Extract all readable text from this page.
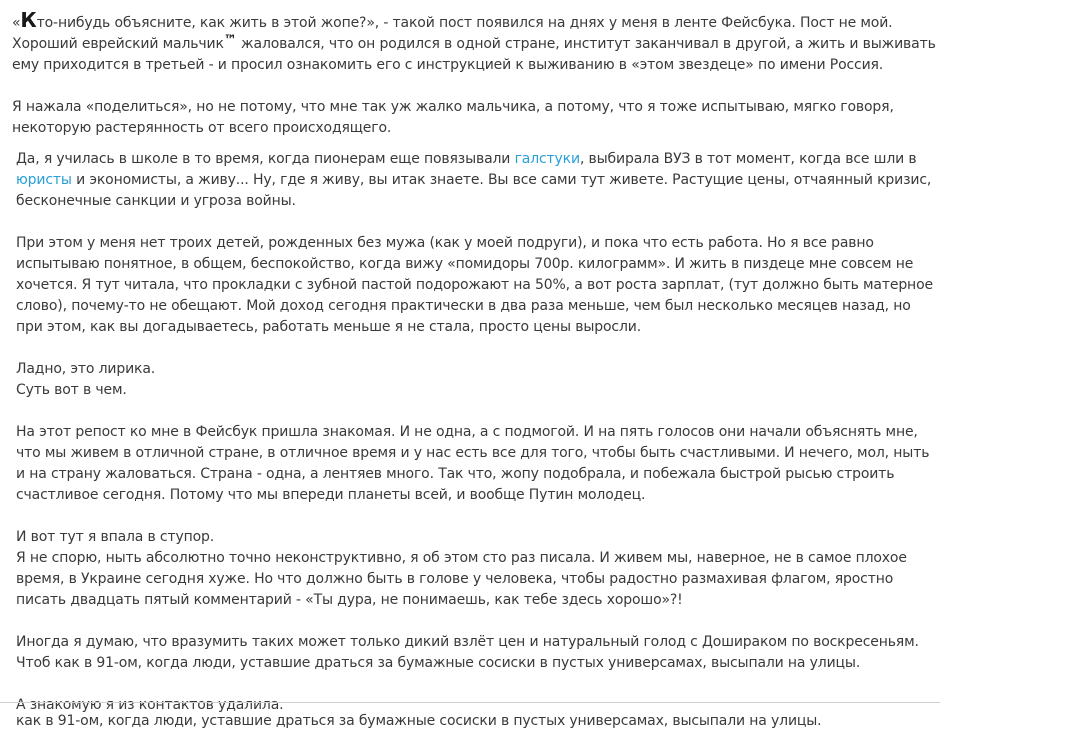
«Кто-нибудь объясните, как жить в этой жопе?», - такой пост появился на днях у меня в ленте Фейсбука. Пост не мой. Хороший еврейский мальчик™ жаловался, что он родился в одной стране, институт заканчивал в другой, а жить и выживать ему приходится в третьей - и просил ознакомить его с инструкцией к выживанию в «этом звездеце» по имени Россия.

Я нажала «поделиться», но не потому, что мне так уж жалко мальчика, а потому, что я тоже испытываю, мягко говоря, некоторую растерянность от всего происходящего.

Да, я училась в школе в то время, когда пионерам еще повязывали галстуки, выбирала ВУЗ в тот момент, когда все шли в юристы и экономисты, а живу... Ну, где я живу, вы итак знаете. Вы все сами тут живете. Растущие цены, отчаянный кризис, бесконечные санкции и угроза войны.

При этом у меня нет троих детей, рожденных без мужа (как у моей подруги), и пока что есть работа. Но я все равно испытываю понятное, в общем, беспокойство, когда вижу «помидоры 700р. килограмм». И жить в пиздеце мне совсем не хочется. Я тут читала, что прокладки с зубной пастой подорожают на 50%, а вот роста зарплат, (тут должно быть матерное слово), почему-то не обещают. Мой доход сегодня практически в два раза меньше, чем был несколько месяцев назад, но при этом, как вы догадываетесь, работать меньше я не стала, просто цены выросли.

Ладно, это лирика.
Суть вот в чем.

На этот репост ко мне в Фейсбук пришла знакомая. И не одна, а с подмогой. И на пять голосов они начали объяснять мне, что мы живем в отличной стране, в отличное время и у нас есть все для того, чтобы быть счастливыми. И нечего, мол, ныть и на страну жаловаться. Страна - одна, а лентяев много. Так что, жопу подобрала, и побежала быстрой рысью строить счастливое сегодня. Потому что мы впереди планеты всей, и вообще Путин молодец.

И вот тут я впала в ступор.
Я не спорю, ныть абсолютно точно неконструктивно, я об этом сто раз писала. И живем мы, наверное, не в самое плохое время, в Украине сегодня хуже. Но что должно быть в голове у человека, чтобы радостно размахивая флагом, яростно писать двадцать пятый комментарий - «Ты дура, не понимаешь, как тебе здесь хорошо»?!

Иногда я думаю, что вразумить таких может только дикий взлёт цен и натуральный голод с Дошираком по воскресеньям. Чтоб как в 91-ом, когда люди, уставшие драться за бумажные сосиски в пустых универсамах, высыпали на улицы.

А знакомую я из контактов удалила.

как в 91-ом, когда люди, уставшие драться за бумажные сосиски в пустых универсамах, высыпали на улицы.
